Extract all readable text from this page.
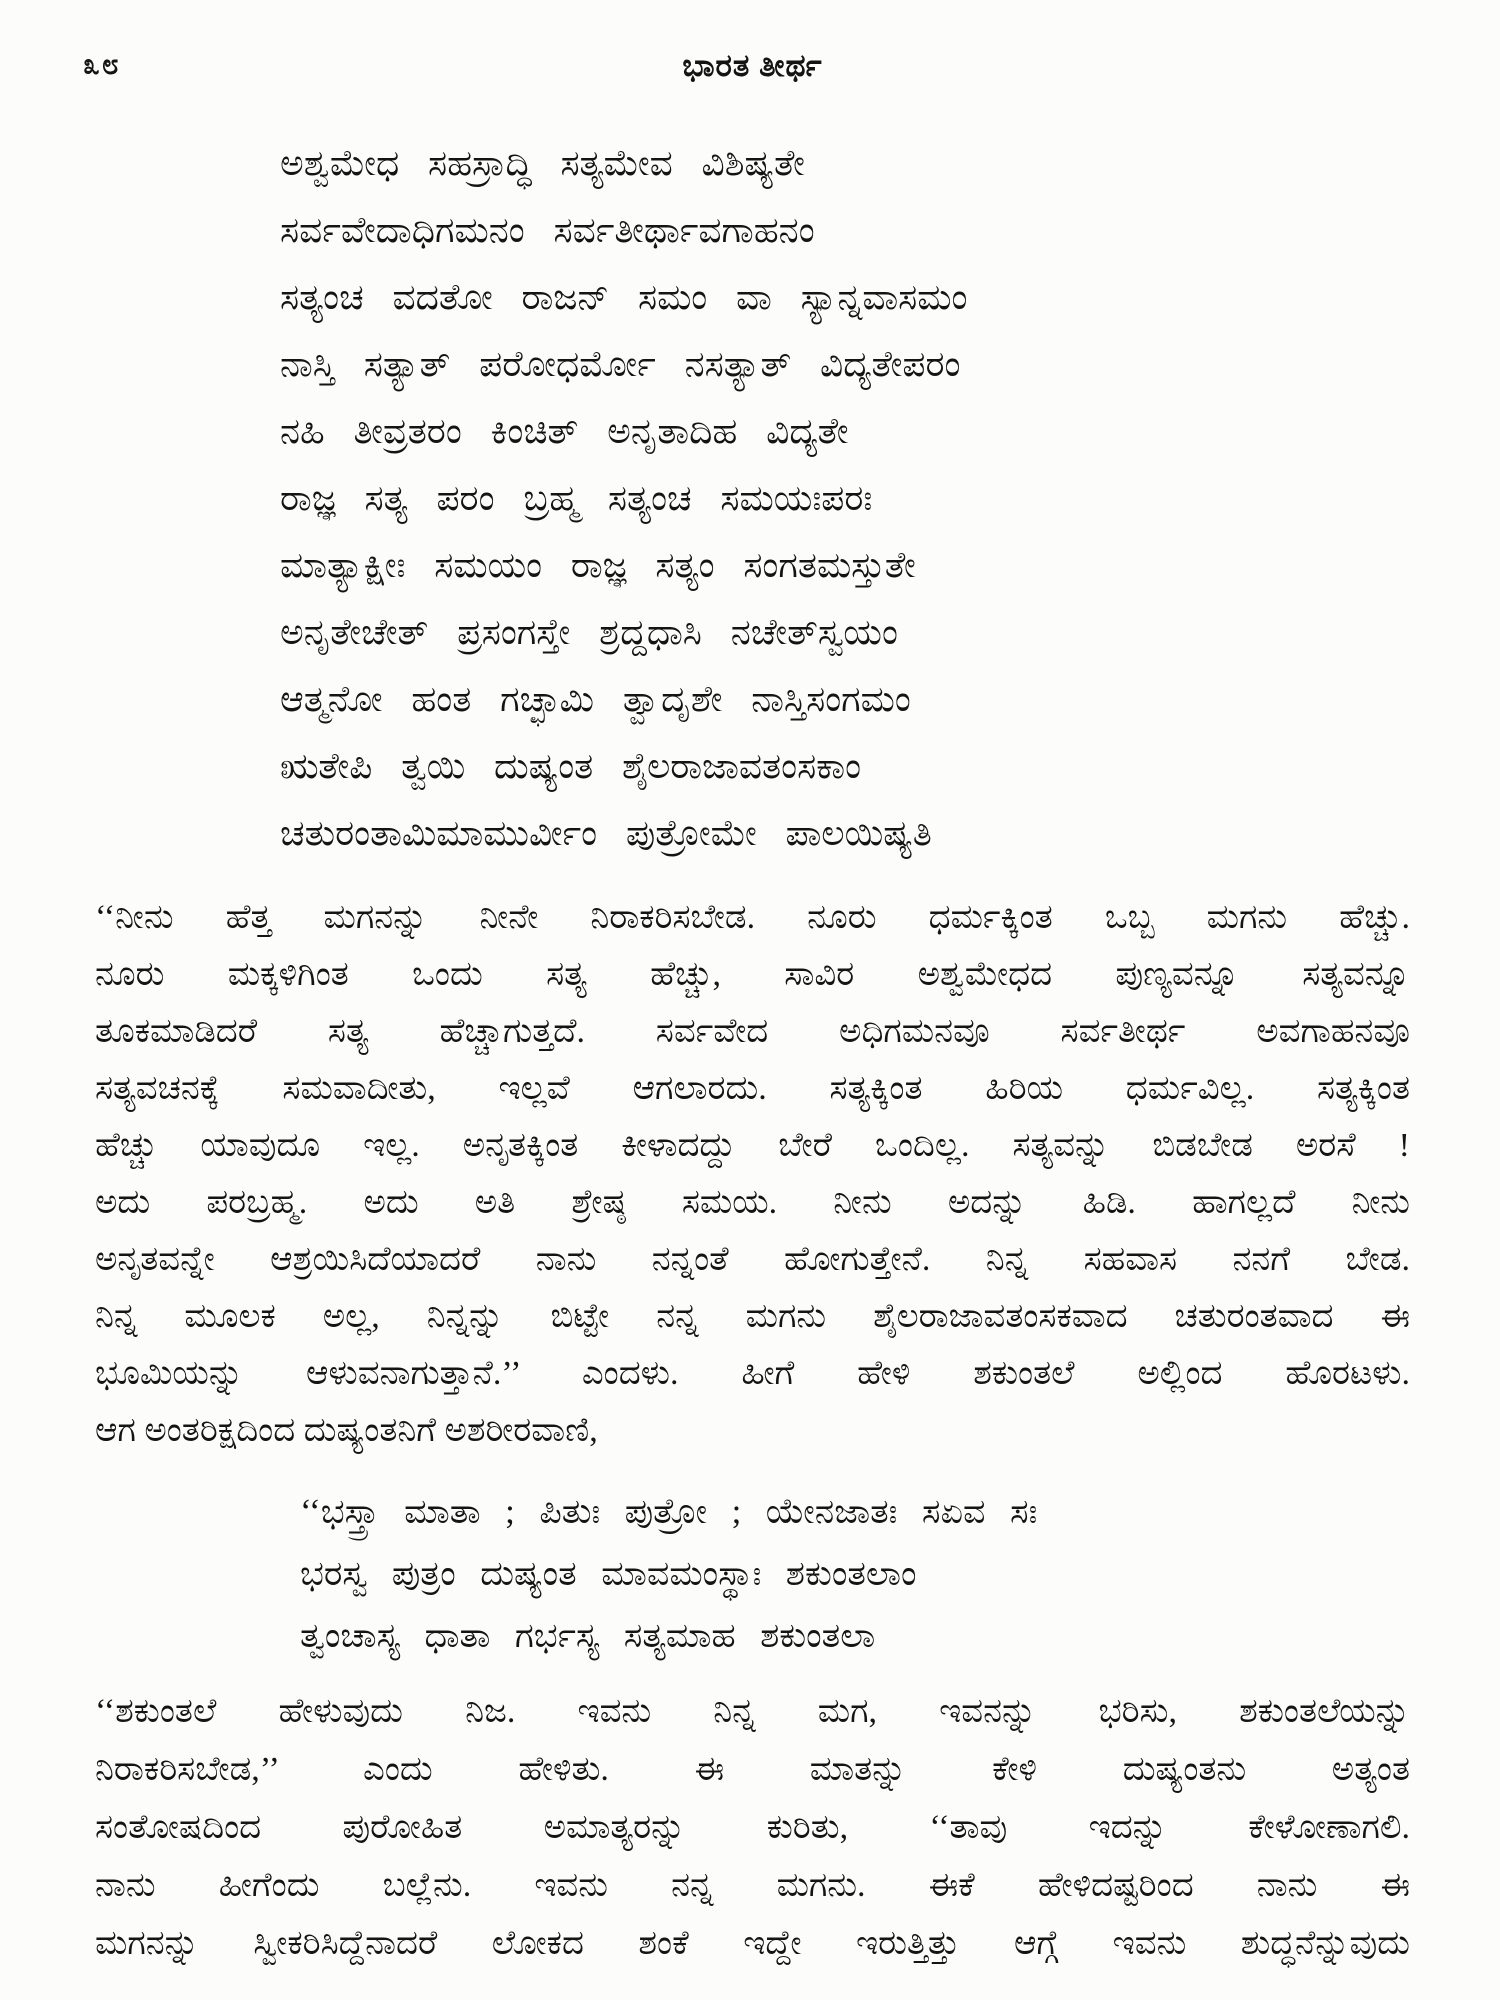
೩೮	ಭಾರತ ತೀರ್ಥ
ಅಶ್ವಮೇಧ ಸಹಸ್ರಾದ್ಧಿ ಸತ್ಯಮೇವ ವಿಶಿಷ್ಯತೇ
ಸರ್ವವೇದಾಧಿಗಮನಂ ಸರ್ವತೀರ್ಥಾವಗಾಹನಂ
ಸತ್ಯಂಚ ವದತೋ ರಾಜನ್ ಸಮಂ ವಾ ಸ್ಯಾನ್ನವಾಸಮಂ
ನಾಸ್ತಿ ಸತ್ಯಾತ್ ಪರೋಧರ್ಮೋ ನಸತ್ಯಾತ್ ವಿದ್ಯತೇಪರಂ
ನಹಿ ತೀವ್ರತರಂ ಕಿಂಚಿತ್ ಅನೃತಾದಿಹ ವಿದ್ಯತೇ
ರಾಜ್ಞ ಸತ್ಯ ಪರಂ ಬ್ರಹ್ಮ ಸತ್ಯಂಚ ಸಮಯಃಪರಃ
ಮಾತ್ಯಾಕ್ಷೀಃ ಸಮಯಂ ರಾಜ್ಞ ಸತ್ಯಂ ಸಂಗತಮಸ್ತುತೇ
ಅನೃತೇಚೇತ್ ಪ್ರಸಂಗಸ್ತೇ ಶ್ರದ್ದಧಾಸಿ ನಚೇತ್‌ಸ್ವಯಂ
ಆತ್ಮನೋ ಹಂತ ಗಚ್ಛಾಮಿ ತ್ವಾದೃಶೇ ನಾಸ್ತಿಸಂಗಮಂ
ಋತೇಪಿ ತ್ವಯಿ ದುಷ್ಯಂತ ಶೈಲರಾಜಾವತಂಸಕಾಂ
ಚತುರಂತಾಮಿಮಾಮುರ್ವೀಂ ಪುತ್ರೋಮೇ ಪಾಲಯಿಷ್ಯತಿ
‘‘ನೀನು ಹೆತ್ತ ಮಗನನ್ನು ನೀನೇ ನಿರಾಕರಿಸಬೇಡ. ನೂರು ಧರ್ಮಕ್ಕಿಂತ ಒಬ್ಬ ಮಗನು ಹೆಚ್ಚು.
ನೂರು ಮಕ್ಕಳಿಗಿಂತ ಒಂದು ಸತ್ಯ ಹೆಚ್ಚು, ಸಾವಿರ ಅಶ್ವಮೇಧದ ಪುಣ್ಯವನ್ನೂ ಸತ್ಯವನ್ನೂ
ತೂಕಮಾಡಿದರೆ ಸತ್ಯ ಹೆಚ್ಚಾಗುತ್ತದೆ. ಸರ್ವವೇದ ಅಧಿಗಮನವೂ ಸರ್ವತೀರ್ಥ ಅವಗಾಹನವೂ
ಸತ್ಯವಚನಕ್ಕೆ ಸಮವಾದೀತು, ಇಲ್ಲವೆ ಆಗಲಾರದು. ಸತ್ಯಕ್ಕಿಂತ ಹಿರಿಯ ಧರ್ಮವಿಲ್ಲ. ಸತ್ಯಕ್ಕಿಂತ
ಹೆಚ್ಚು ಯಾವುದೂ ಇಲ್ಲ. ಅನೃತಕ್ಕಿಂತ ಕೀಳಾದದ್ದು ಬೇರೆ ಒಂದಿಲ್ಲ. ಸತ್ಯವನ್ನು ಬಿಡಬೇಡ ಅರಸೆ !
ಅದು ಪರಬ್ರಹ್ಮ. ಅದು ಅತಿ ಶ್ರೇಷ್ಠ ಸಮಯ. ನೀನು ಅದನ್ನು ಹಿಡಿ. ಹಾಗಲ್ಲದೆ ನೀನು
ಅನೃತವನ್ನೇ ಆಶ್ರಯಿಸಿದೆಯಾದರೆ ನಾನು ನನ್ನಂತೆ ಹೋಗುತ್ತೇನೆ. ನಿನ್ನ ಸಹವಾಸ ನನಗೆ ಬೇಡ.
ನಿನ್ನ ಮೂಲಕ ಅಲ್ಲ, ನಿನ್ನನ್ನು ಬಿಟ್ಟೇ ನನ್ನ ಮಗನು ಶೈಲರಾಜಾವತಂಸಕವಾದ ಚತುರಂತವಾದ ಈ
ಭೂಮಿಯನ್ನು ಆಳುವನಾಗುತ್ತಾನೆ.’’ ಎಂದಳು. ಹೀಗೆ ಹೇಳಿ ಶಕುಂತಲೆ ಅಲ್ಲಿಂದ ಹೊರಟಳು.
ಆಗ ಅಂತರಿಕ್ಷದಿಂದ ದುಷ್ಯಂತನಿಗೆ ಅಶರೀರವಾಣಿ,
‘‘ಭಸ್ತ್ರಾ ಮಾತಾ ; ಪಿತುಃ ಪುತ್ರೋ ; ಯೇನಜಾತಃ ಸಏವ ಸಃ
ಭರಸ್ವ ಪುತ್ರಂ ದುಷ್ಯಂತ ಮಾವಮಂಸ್ಥಾಃ ಶಕುಂತಲಾಂ
ತ್ವಂಚಾಸ್ಯ ಧಾತಾ ಗರ್ಭಸ್ಯ ಸತ್ಯಮಾಹ ಶಕುಂತಲಾ
‘‘ಶಕುಂತಲೆ ಹೇಳುವುದು ನಿಜ. ಇವನು ನಿನ್ನ ಮಗ, ಇವನನ್ನು ಭರಿಸು, ಶಕುಂತಲೆಯನ್ನು
ನಿರಾಕರಿಸಬೇಡ,’’ ಎಂದು ಹೇಳಿತು. ಈ ಮಾತನ್ನು ಕೇಳಿ ದುಷ್ಯಂತನು ಅತ್ಯಂತ
ಸಂತೋಷದಿಂದ ಪುರೋಹಿತ ಅಮಾತ್ಯರನ್ನು ಕುರಿತು, ‘‘ತಾವು ಇದನ್ನು ಕೇಳೋಣಾಗಲಿ.
ನಾನು ಹೀಗೆಂದು ಬಲ್ಲೆನು. ಇವನು ನನ್ನ ಮಗನು. ಈಕೆ ಹೇಳಿದಷ್ಟರಿಂದ ನಾನು ಈ
ಮಗನನ್ನು ಸ್ವೀಕರಿಸಿದ್ದೆನಾದರೆ ಲೋಕದ ಶಂಕೆ ಇದ್ದೇ ಇರುತ್ತಿತ್ತು ಆಗ್ಗೆ ಇವನು ಶುದ್ಧನೆನ್ನುವುದು
